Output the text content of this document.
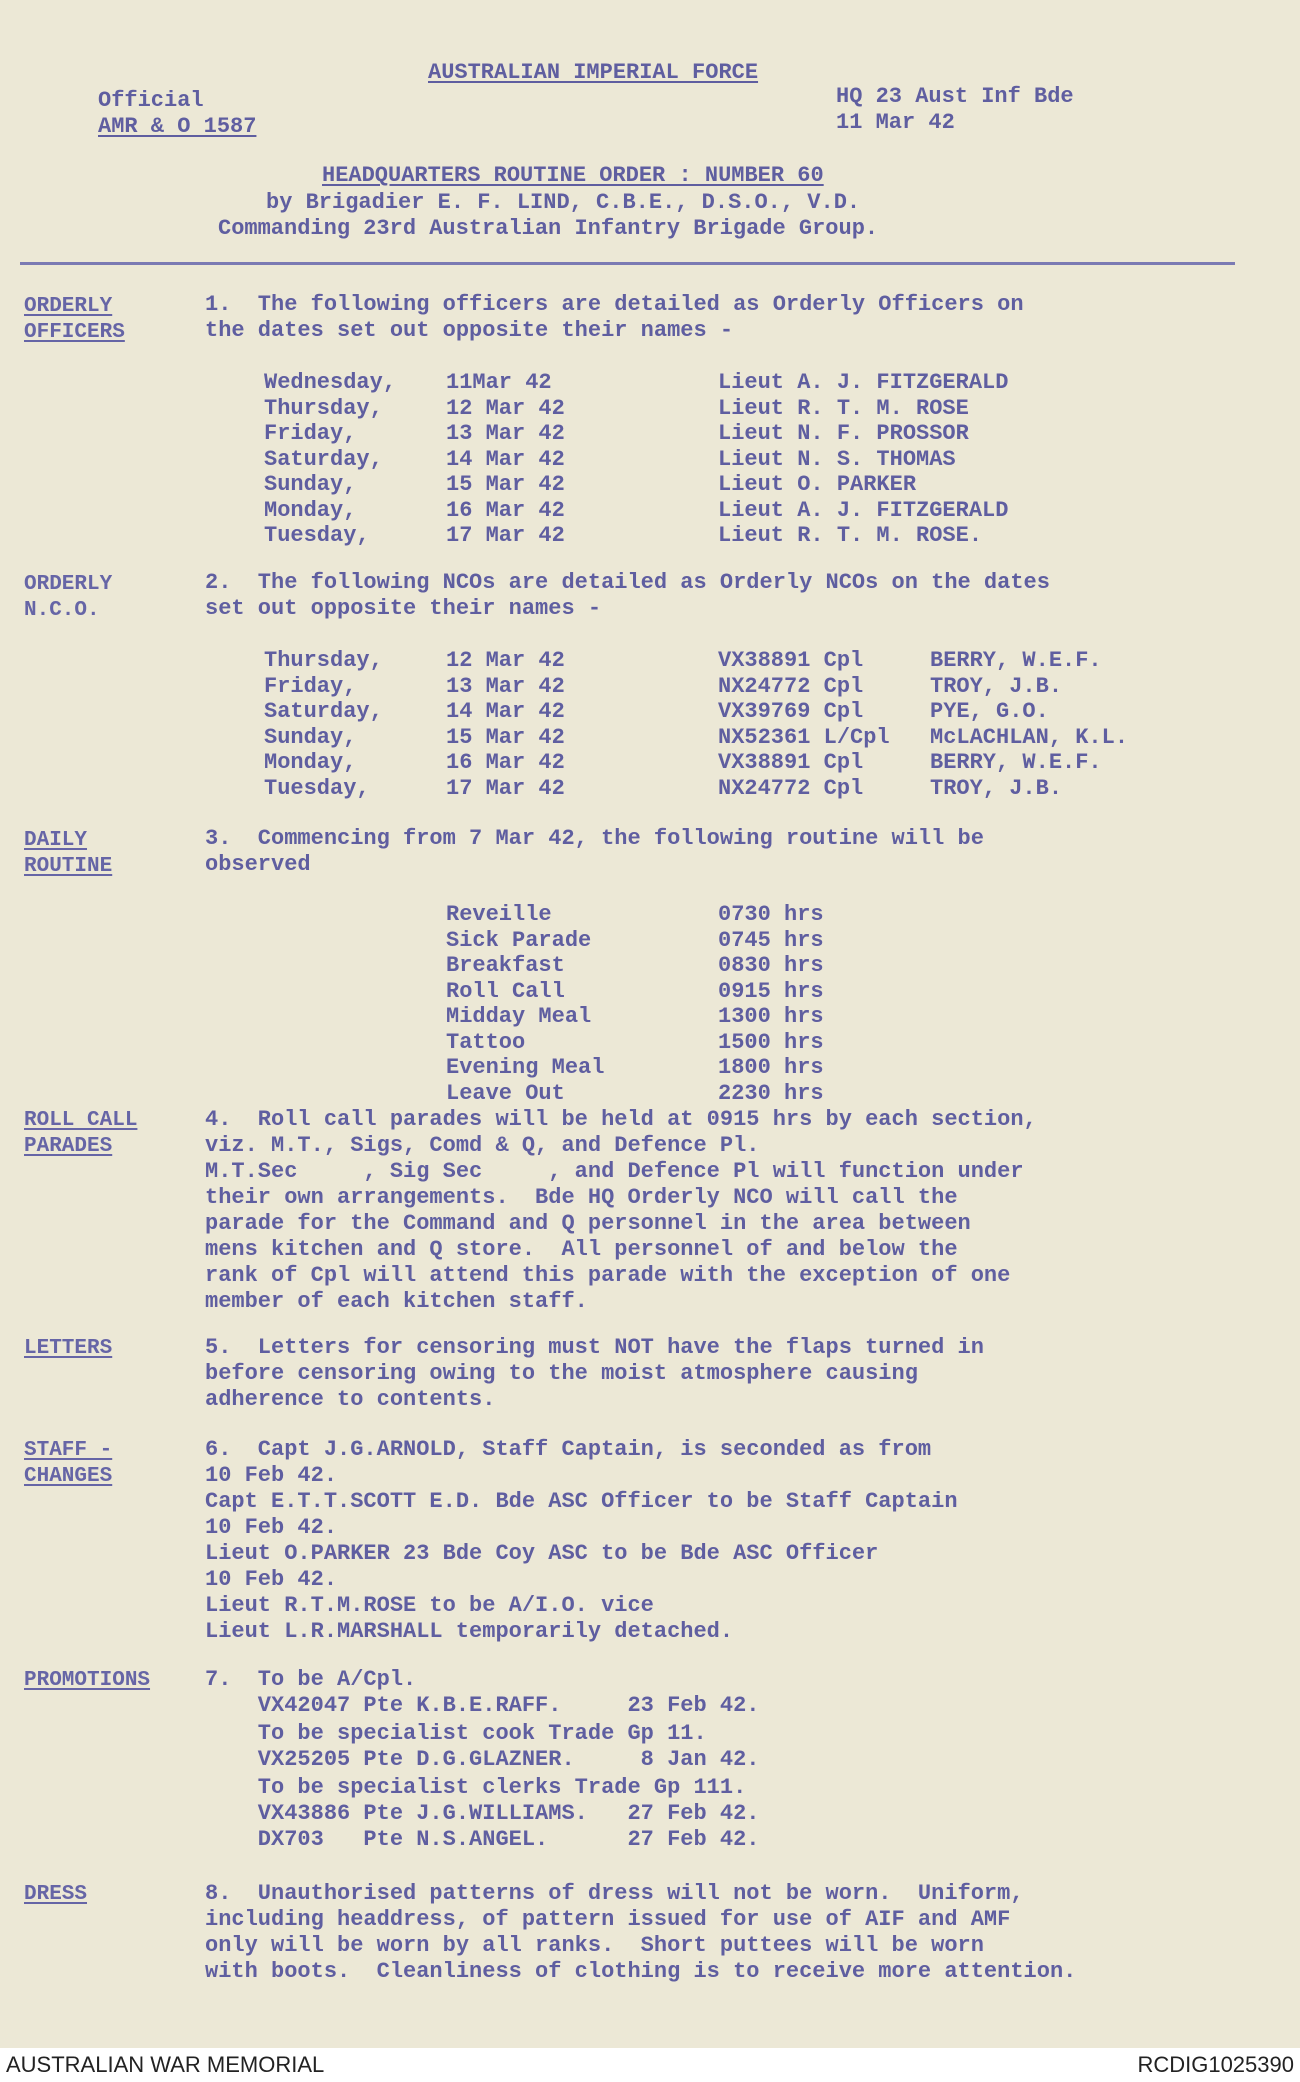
AUSTRALIAN IMPERIAL FORCE
Official
AMR & O 1587
HQ 23 Aust Inf Bde
11 Mar 42
HEADQUARTERS ROUTINE ORDER : NUMBER 60
by Brigadier E. F. LIND, C.B.E., D.S.O., V.D.
Commanding 23rd Australian Infantry Brigade Group.
ORDERLY
OFFICERS
1.  The following officers are detailed as Orderly Officers on
the dates set out opposite their names -
Wednesday,	11Mar 42	Lieut A. J. FITZGERALD
Thursday,	12 Mar 42	Lieut R. T. M. ROSE
Friday,	13 Mar 42	Lieut N. F. PROSSOR
Saturday,	14 Mar 42	Lieut N. S. THOMAS
Sunday,	15 Mar 42	Lieut O. PARKER
Monday,	16 Mar 42	Lieut A. J. FITZGERALD
Tuesday,	17 Mar 42	Lieut R. T. M. ROSE.
ORDERLY
N.C.O.
2.  The following NCOs are detailed as Orderly NCOs on the dates
set out opposite their names -
Thursday,	12 Mar 42	VX38891 Cpl	BERRY, W.E.F.
Friday,	13 Mar 42	NX24772 Cpl	TROY, J.B.
Saturday,	14 Mar 42	VX39769 Cpl	PYE, G.O.
Sunday,	15 Mar 42	NX52361 L/Cpl	McLACHLAN, K.L.
Monday,	16 Mar 42	VX38891 Cpl	BERRY, W.E.F.
Tuesday,	17 Mar 42	NX24772 Cpl	TROY, J.B.
DAILY
ROUTINE
3.  Commencing from 7 Mar 42, the following routine will be
observed
Reveille	0730 hrs
Sick Parade	0745 hrs
Breakfast	0830 hrs
Roll Call	0915 hrs
Midday Meal	1300 hrs
Tattoo	1500 hrs
Evening Meal	1800 hrs
Leave Out	2230 hrs
ROLL CALL
PARADES
4.  Roll call parades will be held at 0915 hrs by each section,
viz. M.T., Sigs, Comd & Q, and Defence Pl.
M.T.Sec     , Sig Sec     , and Defence Pl will function under
their own arrangements.  Bde HQ Orderly NCO will call the
parade for the Command and Q personnel in the area between
mens kitchen and Q store.  All personnel of and below the
rank of Cpl will attend this parade with the exception of one
member of each kitchen staff.
LETTERS	5.  Letters for censoring must NOT have the flaps turned in
before censoring owing to the moist atmosphere causing
adherence to contents.
STAFF -
CHANGES
6.  Capt J.G.ARNOLD, Staff Captain, is seconded as from
10 Feb 42.
Capt E.T.T.SCOTT E.D. Bde ASC Officer to be Staff Captain
10 Feb 42.
Lieut O.PARKER 23 Bde Coy ASC to be Bde ASC Officer
10 Feb 42.
Lieut R.T.M.ROSE to be A/I.O. vice
Lieut L.R.MARSHALL temporarily detached.
PROMOTIONS 7.  To be A/Cpl.
VX42047 Pte K.B.E.RAFF.     23 Feb 42.
To be specialist cook Trade Gp 11.
VX25205 Pte D.G.GLAZNER.     8 Jan 42.
To be specialist clerks Trade Gp 111.
VX43886 Pte J.G.WILLIAMS.   27 Feb 42.
DX703   Pte N.S.ANGEL.      27 Feb 42.
DRESS	8.  Unauthorised patterns of dress will not be worn.  Uniform,
including headdress, of pattern issued for use of AIF and AMF
only will be worn by all ranks.  Short puttees will be worn
with boots.  Cleanliness of clothing is to receive more attention.
AUSTRALIAN WAR MEMORIAL	RCDIG1025390
